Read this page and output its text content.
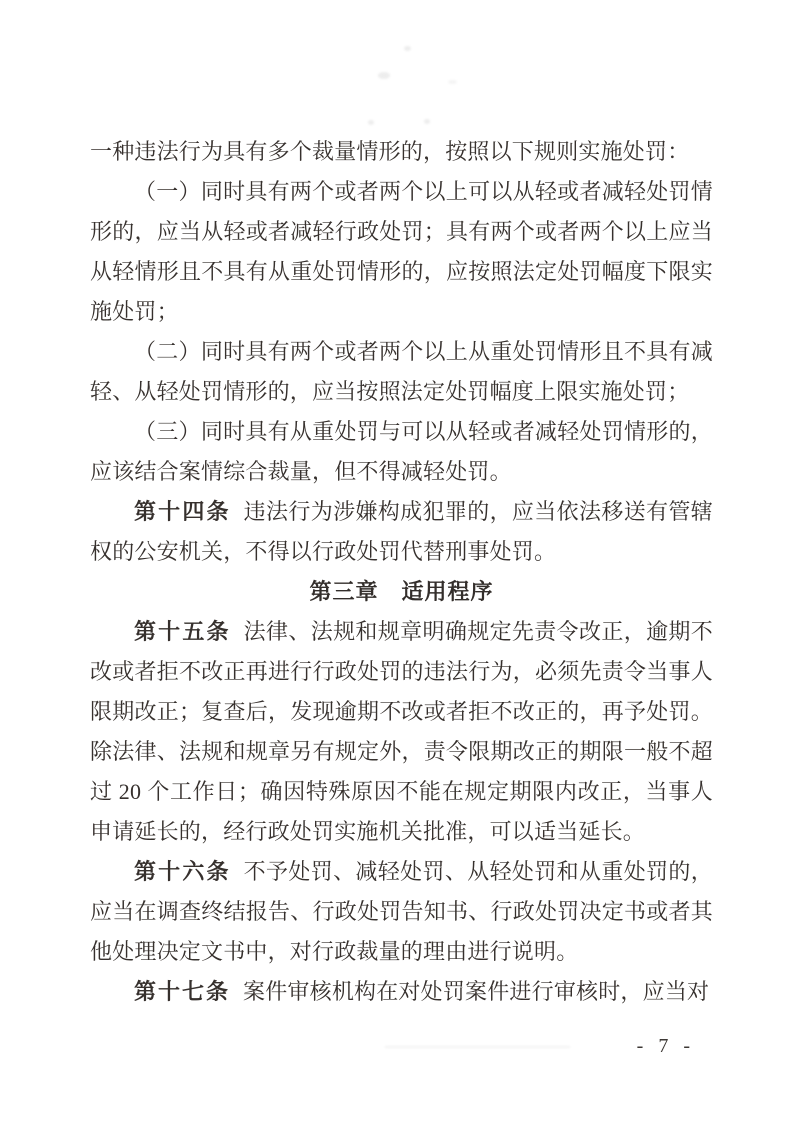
一种违法行为具有多个裁量情形的，按照以下规则实施处罚：

（一）同时具有两个或者两个以上可以从轻或者减轻处罚情形的，应当从轻或者减轻行政处罚；具有两个或者两个以上应当从轻情形且不具有从重处罚情形的，应按照法定处罚幅度下限实施处罚；

（二）同时具有两个或者两个以上从重处罚情形且不具有减轻、从轻处罚情形的，应当按照法定处罚幅度上限实施处罚；

（三）同时具有从重处罚与可以从轻或者减轻处罚情形的，应该结合案情综合裁量，但不得减轻处罚。

第十四条 违法行为涉嫌构成犯罪的，应当依法移送有管辖权的公安机关，不得以行政处罚代替刑事处罚。

第三章　适用程序

第十五条 法律、法规和规章明确规定先责令改正，逾期不改或者拒不改正再进行行政处罚的违法行为，必须先责令当事人限期改正；复查后，发现逾期不改或者拒不改正的，再予处罚。除法律、法规和规章另有规定外，责令限期改正的期限一般不超过 20 个工作日；确因特殊原因不能在规定期限内改正，当事人申请延长的，经行政处罚实施机关批准，可以适当延长。

第十六条 不予处罚、减轻处罚、从轻处罚和从重处罚的，应当在调查终结报告、行政处罚告知书、行政处罚决定书或者其他处理决定文书中，对行政裁量的理由进行说明。

第十七条 案件审核机构在对处罚案件进行审核时，应当对

- 7 -
